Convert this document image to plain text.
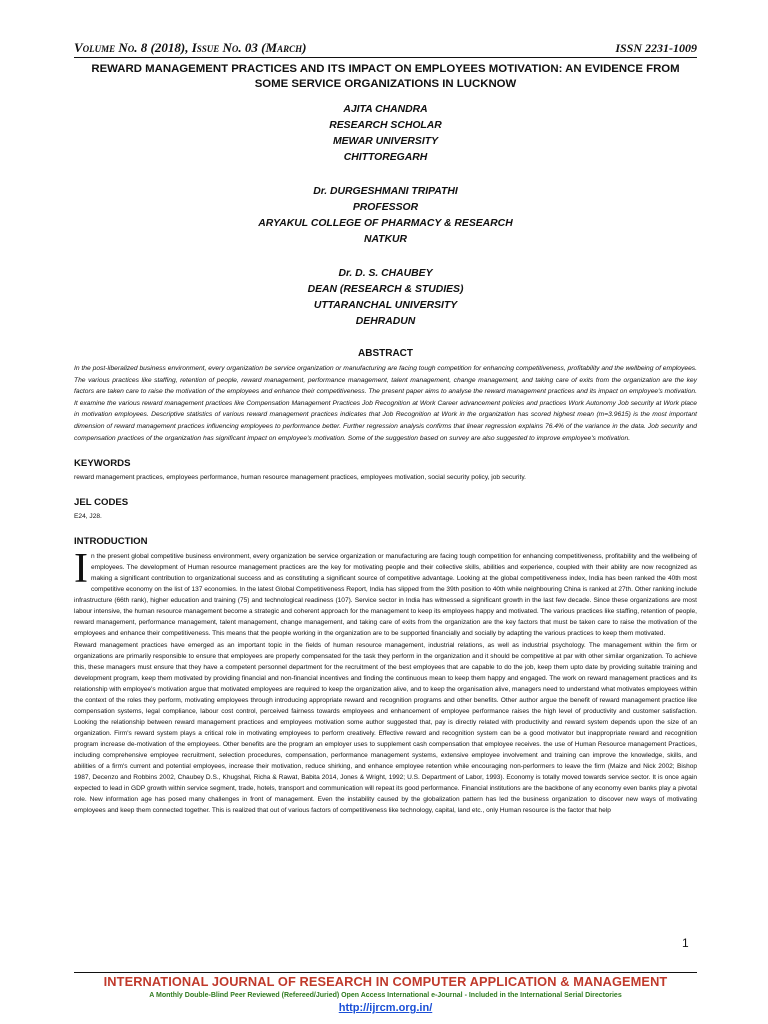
Volume No. 8 (2018), Issue No. 03 (March)	ISSN 2231-1009
REWARD MANAGEMENT PRACTICES AND ITS IMPACT ON EMPLOYEES MOTIVATION: AN EVIDENCE FROM SOME SERVICE ORGANIZATIONS IN LUCKNOW
AJITA CHANDRA
RESEARCH SCHOLAR
MEWAR UNIVERSITY
CHITTOREGARH
Dr. DURGESHMANI TRIPATHI
PROFESSOR
ARYAKUL COLLEGE OF PHARMACY & RESEARCH
NATKUR
Dr. D. S. CHAUBEY
DEAN (RESEARCH & STUDIES)
UTTARANCHAL UNIVERSITY
DEHRADUN
ABSTRACT
In the post-liberalized business environment, every organization be service organization or manufacturing are facing tough competition for enhancing competitiveness, profitability and the wellbeing of employees. The various practices like staffing, retention of people, reward management, performance management, talent management, change management, and taking care of exits from the organization are the key factors are taken care to raise the motivation of the employees and enhance their competitiveness. The present paper aims to analyse the reward management practices and its impact on employee's motivation. It examine the various reward management practices like Compensation Management Practices Job Recognition at Work Career advancement policies and practices Work Autonomy Job security at Work place in motivation employees. Descriptive statistics of various reward management practices indicates that Job Recognition at Work in the organization has scored highest mean (m=3.9615) is the most important dimension of reward management practices influencing employees to performance better. Further regression analysis confirms that linear regression explains 76.4% of the variance in the data. Job security and compensation practices of the organization has significant impact on employee's motivation. Some of the suggestion based on survey are also suggested to improve employee's motivation.
KEYWORDS
reward management practices, employees performance, human resource management practices, employees motivation, social security policy, job security.
JEL CODES
E24, J28.
INTRODUCTION
I n the present global competitive business environment, every organization be service organization or manufacturing are facing tough competition for enhancing competitiveness, profitability and the wellbeing of employees. The development of Human resource management practices are the key for motivating people and their collective skills, abilities and experience, coupled with their ability are now recognized as making a significant contribution to organizational success and as constituting a significant source of competitive advantage. Looking at the global competitiveness index, India has been ranked the 40th most competitive economy on the list of 137 economies. In the latest Global Competitiveness Report, India has slipped from the 39th position to 40th while neighbouring China is ranked at 27th. Other ranking include infrastructure (66th rank), higher education and training (75) and technological readiness (107). Service sector in India has witnessed a significant growth in the last few decade. Since these organizations are most labour intensive, the human resource management become a strategic and coherent approach for the management to keep its employees happy and motivated. The various practices like staffing, retention of people, reward management, performance management, talent management, change management, and taking care of exits from the organization are the key factors that must be taken care to raise the motivation of the employees and enhance their competitiveness. This means that the people working in the organization are to be supported financially and socially by adapting the various practices to keep them motivated.
Reward management practices have emerged as an important topic in the fields of human resource management, industrial relations, as well as industrial psychology. The management within the firm or organizations are primarily responsible to ensure that employees are properly compensated for the task they perform in the organization and it should be competitive at par with other similar organization. To achieve this, these managers must ensure that they have a competent personnel department for the recruitment of the best employees that are capable to do the job, keep them upto date by providing suitable training and development program, keep them motivated by providing financial and non-financial incentives and finding the continuous mean to keep them happy and engaged. The work on reward management practices and its relationship with employee's motivation argue that motivated employees are required to keep the organization alive, and to keep the organisation alive, managers need to understand what motivates employees within the context of the roles they perform, motivating employees through introducing appropriate reward and recognition programs and other benefits. Other author argue the benefit of reward management practice like compensation systems, legal compliance, labour cost control, perceived fairness towards employees and enhancement of employee performance raises the high level of productivity and customer satisfaction. Looking the relationship between reward management practices and employees motivation some author suggested that, pay is directly related with productivity and reward system depends upon the size of an organization. Firm's reward system plays a critical role in motivating employees to perform creatively. Effective reward and recognition system can be a good motivator but inappropriate reward and recognition program increase de-motivation of the employees. Other benefits are the program an employer uses to supplement cash compensation that employee receives. the use of Human Resource management Practices, including comprehensive employee recruitment, selection procedures, compensation, performance management systems, extensive employee involvement and training can improve the knowledge, skills, and abilities of a firm's current and potential employees, increase their motivation, reduce shirking, and enhance employee retention while encouraging non-performers to leave the firm (Maize and Nick 2002; Bishop 1987, Decenzo and Robbins 2002, Chaubey D.S., Khugshal, Richa & Rawat, Babita 2014, Jones & Wright, 1992; U.S. Department of Labor, 1993). Economy is totally moved towards service sector. It is once again expected to lead in GDP growth within service segment, trade, hotels, transport and communication will repeat its good performance. Financial institutions are the backbone of any economy even banks play a pivotal role. New information age has posed many challenges in front of management. Even the instability caused by the globalization pattern has led the business organization to discover new ways of motivating employees and keep them connected together. This is realized that out of various factors of competitiveness like technology, capital, land etc., only Human resource is the factor that help
INTERNATIONAL JOURNAL OF RESEARCH IN COMPUTER APPLICATION & MANAGEMENT
A Monthly Double-Blind Peer Reviewed (Refereed/Juried) Open Access International e-Journal - Included in the International Serial Directories
http://ijrcm.org.in/
1
